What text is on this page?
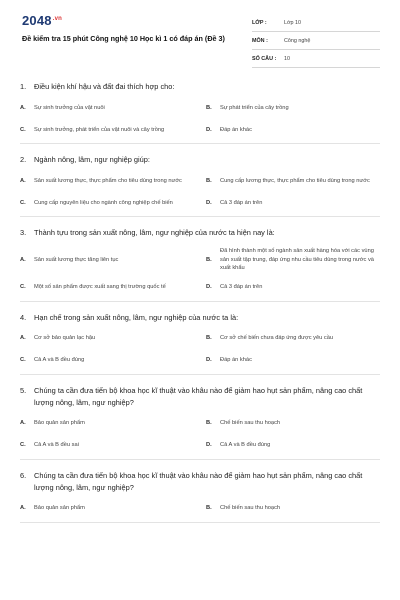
$2048^{.vn}$
Đề kiểm tra 15 phút Công nghệ 10 Học kì 1 có đáp án (Đề 3)
LỚP :	Lớp 10
MÔN :	Công nghệ
SỐ CÂU :	10
1.	Điều kiện khí hậu và đất đai thích hợp cho:
A.	Sự sinh trưởng của vật nuôi	B.	Sự phát triển của cây trồng
C.	Sự sinh trưởng, phát triển của vật nuôi và cây trồng	D.	Đáp án khác
2.	Ngành nông, lâm, ngư nghiệp giúp:
A.	Sản xuất lương thực, thực phẩm cho tiêu dùng trong nước	B.	Cung cấp lương thực, thực phẩm cho tiêu dùng trong nước
C.	Cung cấp nguyên liệu cho ngành công nghiệp chế biến	D.	Cả 3 đáp án trên
3.	Thành tựu trong sản xuất nông, lâm, ngư nghiệp của nước ta hiện nay là:
A.	Sản xuất lương thực tăng liên tục	B.
Đã hình thành một số ngành sản xuất hàng hóa với các vùng sản xuất tập trung, đáp ứng nhu cầu tiêu dùng trong nước và xuất khẩu
C.	Một số sản phẩm được xuất sang thị trường quốc tế	D.	Cả 3 đáp án trên
4.	Hạn chế trong sản xuất nông, lâm, ngư nghiệp của nước ta là:
A.	Cơ sở bảo quản lạc hậu	B.	Cơ sở chế biến chưa đáp ứng được yêu cầu
C.	Cả A và B đều đúng	D.	Đáp án khác
5.	Chúng ta cần đưa tiến bộ khoa học kĩ thuật vào khâu nào để giảm hao hụt sản phẩm, nâng cao chất lượng nông, lâm, ngư nghiệp?
A.	Bảo quản sản phẩm	B.	Chế biến sau thu hoạch
C.	Cả A và B đều sai	D.	Cả A và B đều đúng
6.	Chúng ta cần đưa tiến bộ khoa học kĩ thuật vào khâu nào để giảm hao hụt sản phẩm, nâng cao chất lượng nông, lâm, ngư nghiệp?
A.	Bảo quản sản phẩm	B.	Chế biến sau thu hoạch
